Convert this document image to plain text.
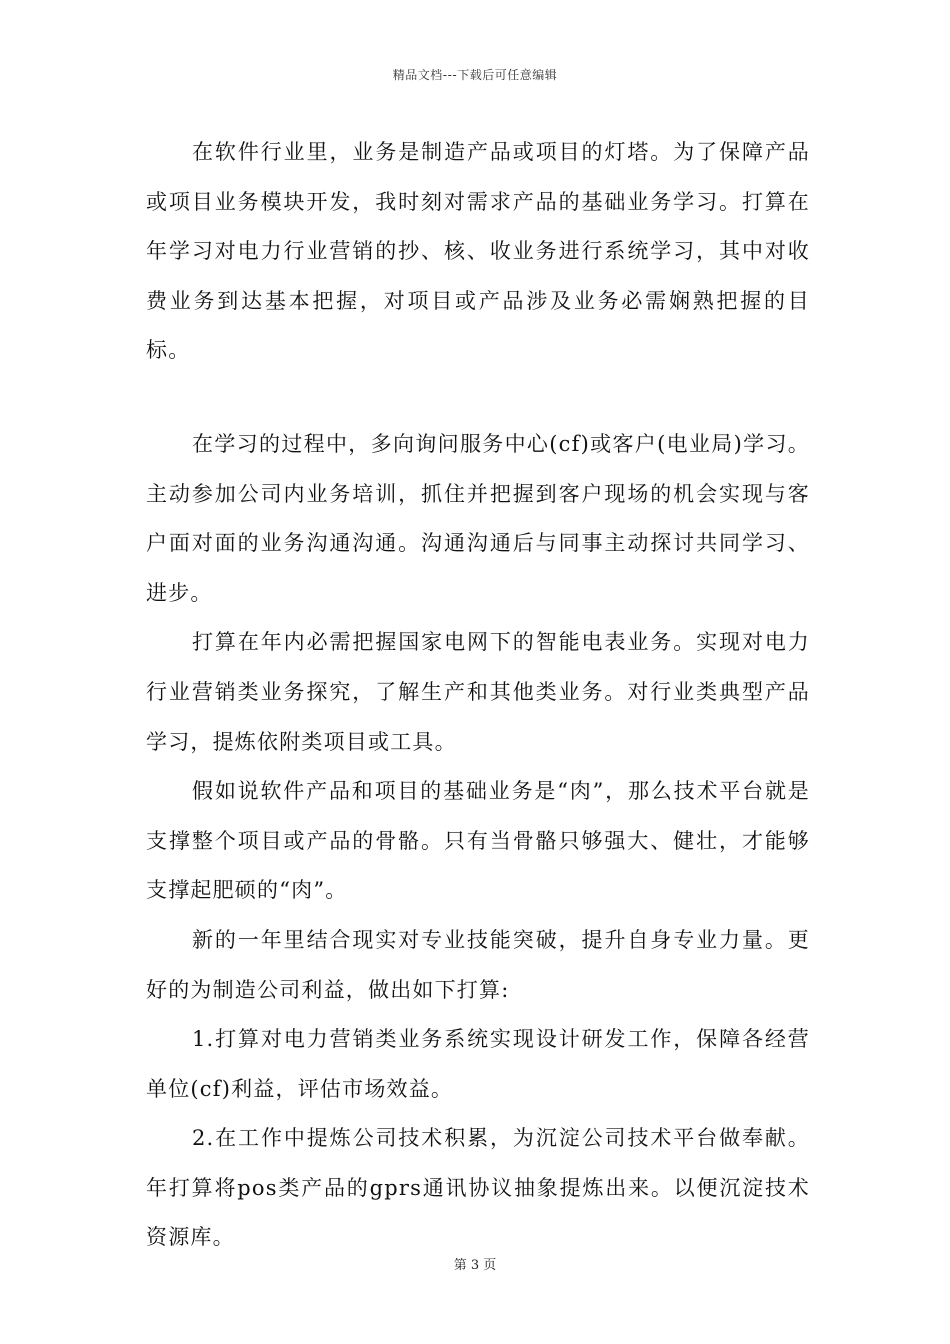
精品文档---下载后可任意编辑

在软件行业里，业务是制造产品或项目的灯塔。为了保障产品或项目业务模块开发，我时刻对需求产品的基础业务学习。打算在年学习对电力行业营销的抄、核、收业务进行系统学习，其中对收费业务到达基本把握，对项目或产品涉及业务必需娴熟把握的目标。

在学习的过程中，多向询问服务中心(cf)或客户(电业局)学习。主动参加公司内业务培训，抓住并把握到客户现场的机会实现与客户面对面的业务沟通沟通。沟通沟通后与同事主动探讨共同学习、进步。

打算在年内必需把握国家电网下的智能电表业务。实现对电力行业营销类业务探究，了解生产和其他类业务。对行业类典型产品学习，提炼依附类项目或工具。

假如说软件产品和项目的基础业务是“肉”，那么技术平台就是支撑整个项目或产品的骨骼。只有当骨骼只够强大、健壮，才能够支撑起肥硕的“肉”。

新的一年里结合现实对专业技能突破，提升自身专业力量。更好的为制造公司利益，做出如下打算:

1.打算对电力营销类业务系统实现设计研发工作，保障各经营单位(cf)利益，评估市场效益。

2.在工作中提炼公司技术积累，为沉淀公司技术平台做奉献。年打算将pos类产品的gprs通讯协议抽象提炼出来。以便沉淀技术资源库。

第 3 页
